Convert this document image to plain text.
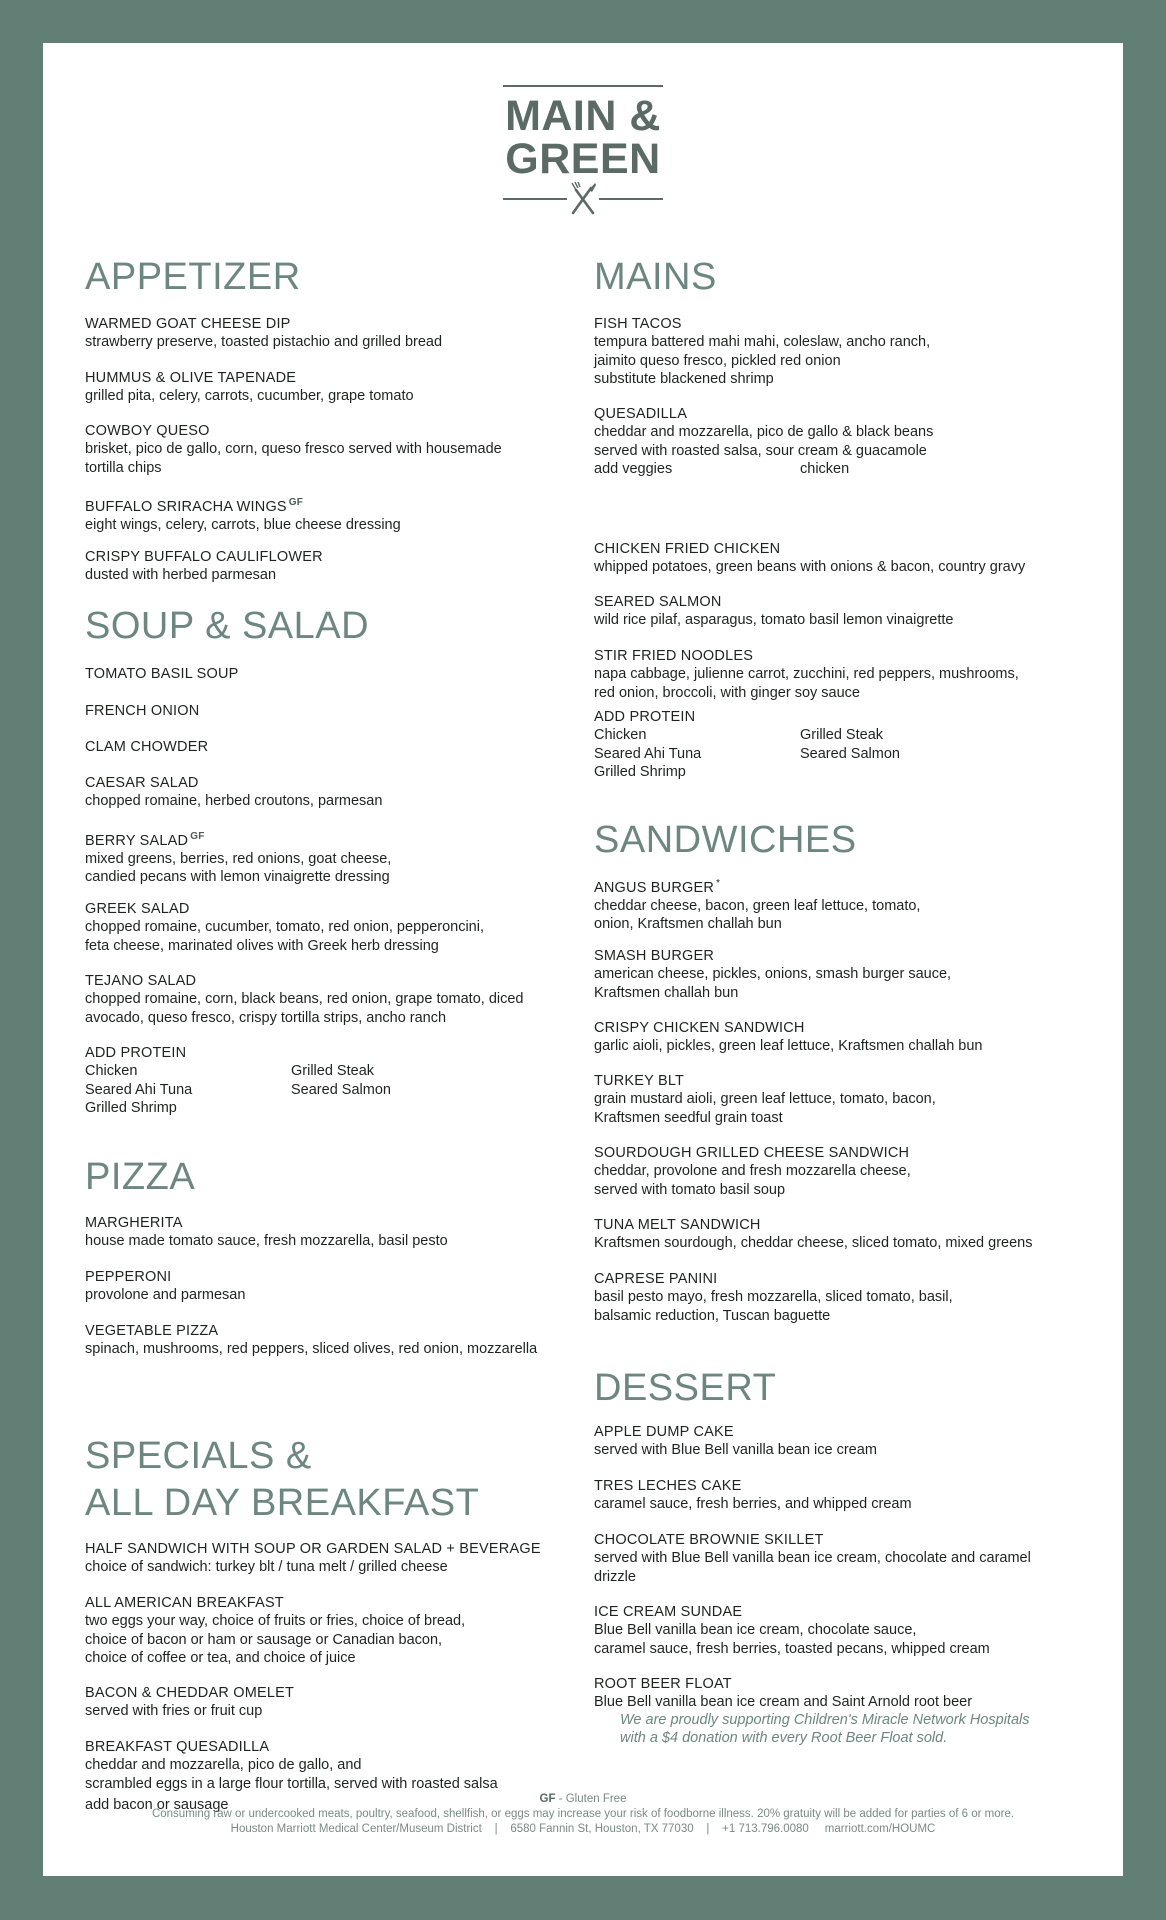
MAIN &
GREEN
APPETIZER
WARMED GOAT CHEESE DIP
strawberry preserve, toasted pistachio and grilled bread
HUMMUS & OLIVE TAPENADE
grilled pita, celery, carrots, cucumber, grape tomato
COWBOY QUESO
brisket, pico de gallo, corn, queso fresco served with housemade
tortilla chips
BUFFALO SRIRACHA WINGS $^{GF}$
eight wings, celery, carrots, blue cheese dressing
CRISPY BUFFALO CAULIFLOWER
dusted with herbed parmesan
SOUP & SALAD
TOMATO BASIL SOUP
FRENCH ONION
CLAM CHOWDER
CAESAR SALAD
chopped romaine, herbed croutons, parmesan
BERRY SALAD $^{GF}$
mixed greens, berries, red onions, goat cheese,
candied pecans with lemon vinaigrette dressing
GREEK SALAD
chopped romaine, cucumber, tomato, red onion, pepperoncini,
feta cheese, marinated olives with Greek herb dressing
TEJANO SALAD
chopped romaine, corn, black beans, red onion, grape tomato, diced
avocado, queso fresco, crispy tortilla strips, ancho ranch
ADD PROTEIN
Chicken
Seared Ahi Tuna
Grilled Shrimp
Grilled Steak
Seared Salmon
PIZZA
MARGHERITA
house made tomato sauce, fresh mozzarella, basil pesto
PEPPERONI
provolone and parmesan
VEGETABLE PIZZA
spinach, mushrooms, red peppers, sliced olives, red onion, mozzarella
SPECIALS &
ALL DAY BREAKFAST
HALF SANDWICH WITH SOUP OR GARDEN SALAD + BEVERAGE
choice of sandwich: turkey blt / tuna melt / grilled cheese
ALL AMERICAN BREAKFAST
two eggs your way, choice of fruits or fries, choice of bread,
choice of bacon or ham or sausage or Canadian bacon,
choice of coffee or tea, and choice of juice
BACON & CHEDDAR OMELET
served with fries or fruit cup
BREAKFAST QUESADILLA
cheddar and mozzarella, pico de gallo, and
scrambled eggs in a large flour tortilla, served with roasted salsa
add bacon or sausage
MAINS
FISH TACOS
tempura battered mahi mahi, coleslaw, ancho ranch,
jaimito queso fresco, pickled red onion
substitute blackened shrimp
QUESADILLA
cheddar and mozzarella, pico de gallo & black beans
served with roasted salsa, sour cream & guacamole
add veggies	chicken
CHICKEN FRIED CHICKEN
whipped potatoes, green beans with onions & bacon, country gravy
SEARED SALMON
wild rice pilaf, asparagus, tomato basil lemon vinaigrette
STIR FRIED NOODLES
napa cabbage, julienne carrot, zucchini, red peppers, mushrooms,
red onion, broccoli, with ginger soy sauce
ADD PROTEIN
Chicken
Seared Ahi Tuna
Grilled Shrimp
Grilled Steak
Seared Salmon
SANDWICHES
ANGUS BURGER *
cheddar cheese, bacon, green leaf lettuce, tomato,
onion, Kraftsmen challah bun
SMASH BURGER
american cheese, pickles, onions, smash burger sauce,
Kraftsmen challah bun
CRISPY CHICKEN SANDWICH
garlic aioli, pickles, green leaf lettuce, Kraftsmen challah bun
TURKEY BLT
grain mustard aioli, green leaf lettuce, tomato, bacon,
Kraftsmen seedful grain toast
SOURDOUGH GRILLED CHEESE SANDWICH
cheddar, provolone and fresh mozzarella cheese,
served with tomato basil soup
TUNA MELT SANDWICH
Kraftsmen sourdough, cheddar cheese, sliced tomato, mixed greens
CAPRESE PANINI
basil pesto mayo, fresh mozzarella, sliced tomato, basil,
balsamic reduction, Tuscan baguette
DESSERT
APPLE DUMP CAKE
served with Blue Bell vanilla bean ice cream
TRES LECHES CAKE
caramel sauce, fresh berries, and whipped cream
CHOCOLATE BROWNIE SKILLET
served with Blue Bell vanilla bean ice cream, chocolate and caramel
drizzle
ICE CREAM SUNDAE
Blue Bell vanilla bean ice cream, chocolate sauce,
caramel sauce, fresh berries, toasted pecans, whipped cream
ROOT BEER FLOAT
Blue Bell vanilla bean ice cream and Saint Arnold root beer
We are proudly supporting Children's Miracle Network Hospitals
with a $4 donation with every Root Beer Float sold.
GF - Gluten Free
Consuming raw or undercooked meats, poultry, seafood, shellfish, or eggs may increase your risk of foodborne illness. 20% gratuity will be added for parties of 6 or more.
Houston Marriott Medical Center/Museum District    |    6580 Fannin St, Houston, TX 77030    |    +1 713.796.0080     marriott.com/HOUMC
